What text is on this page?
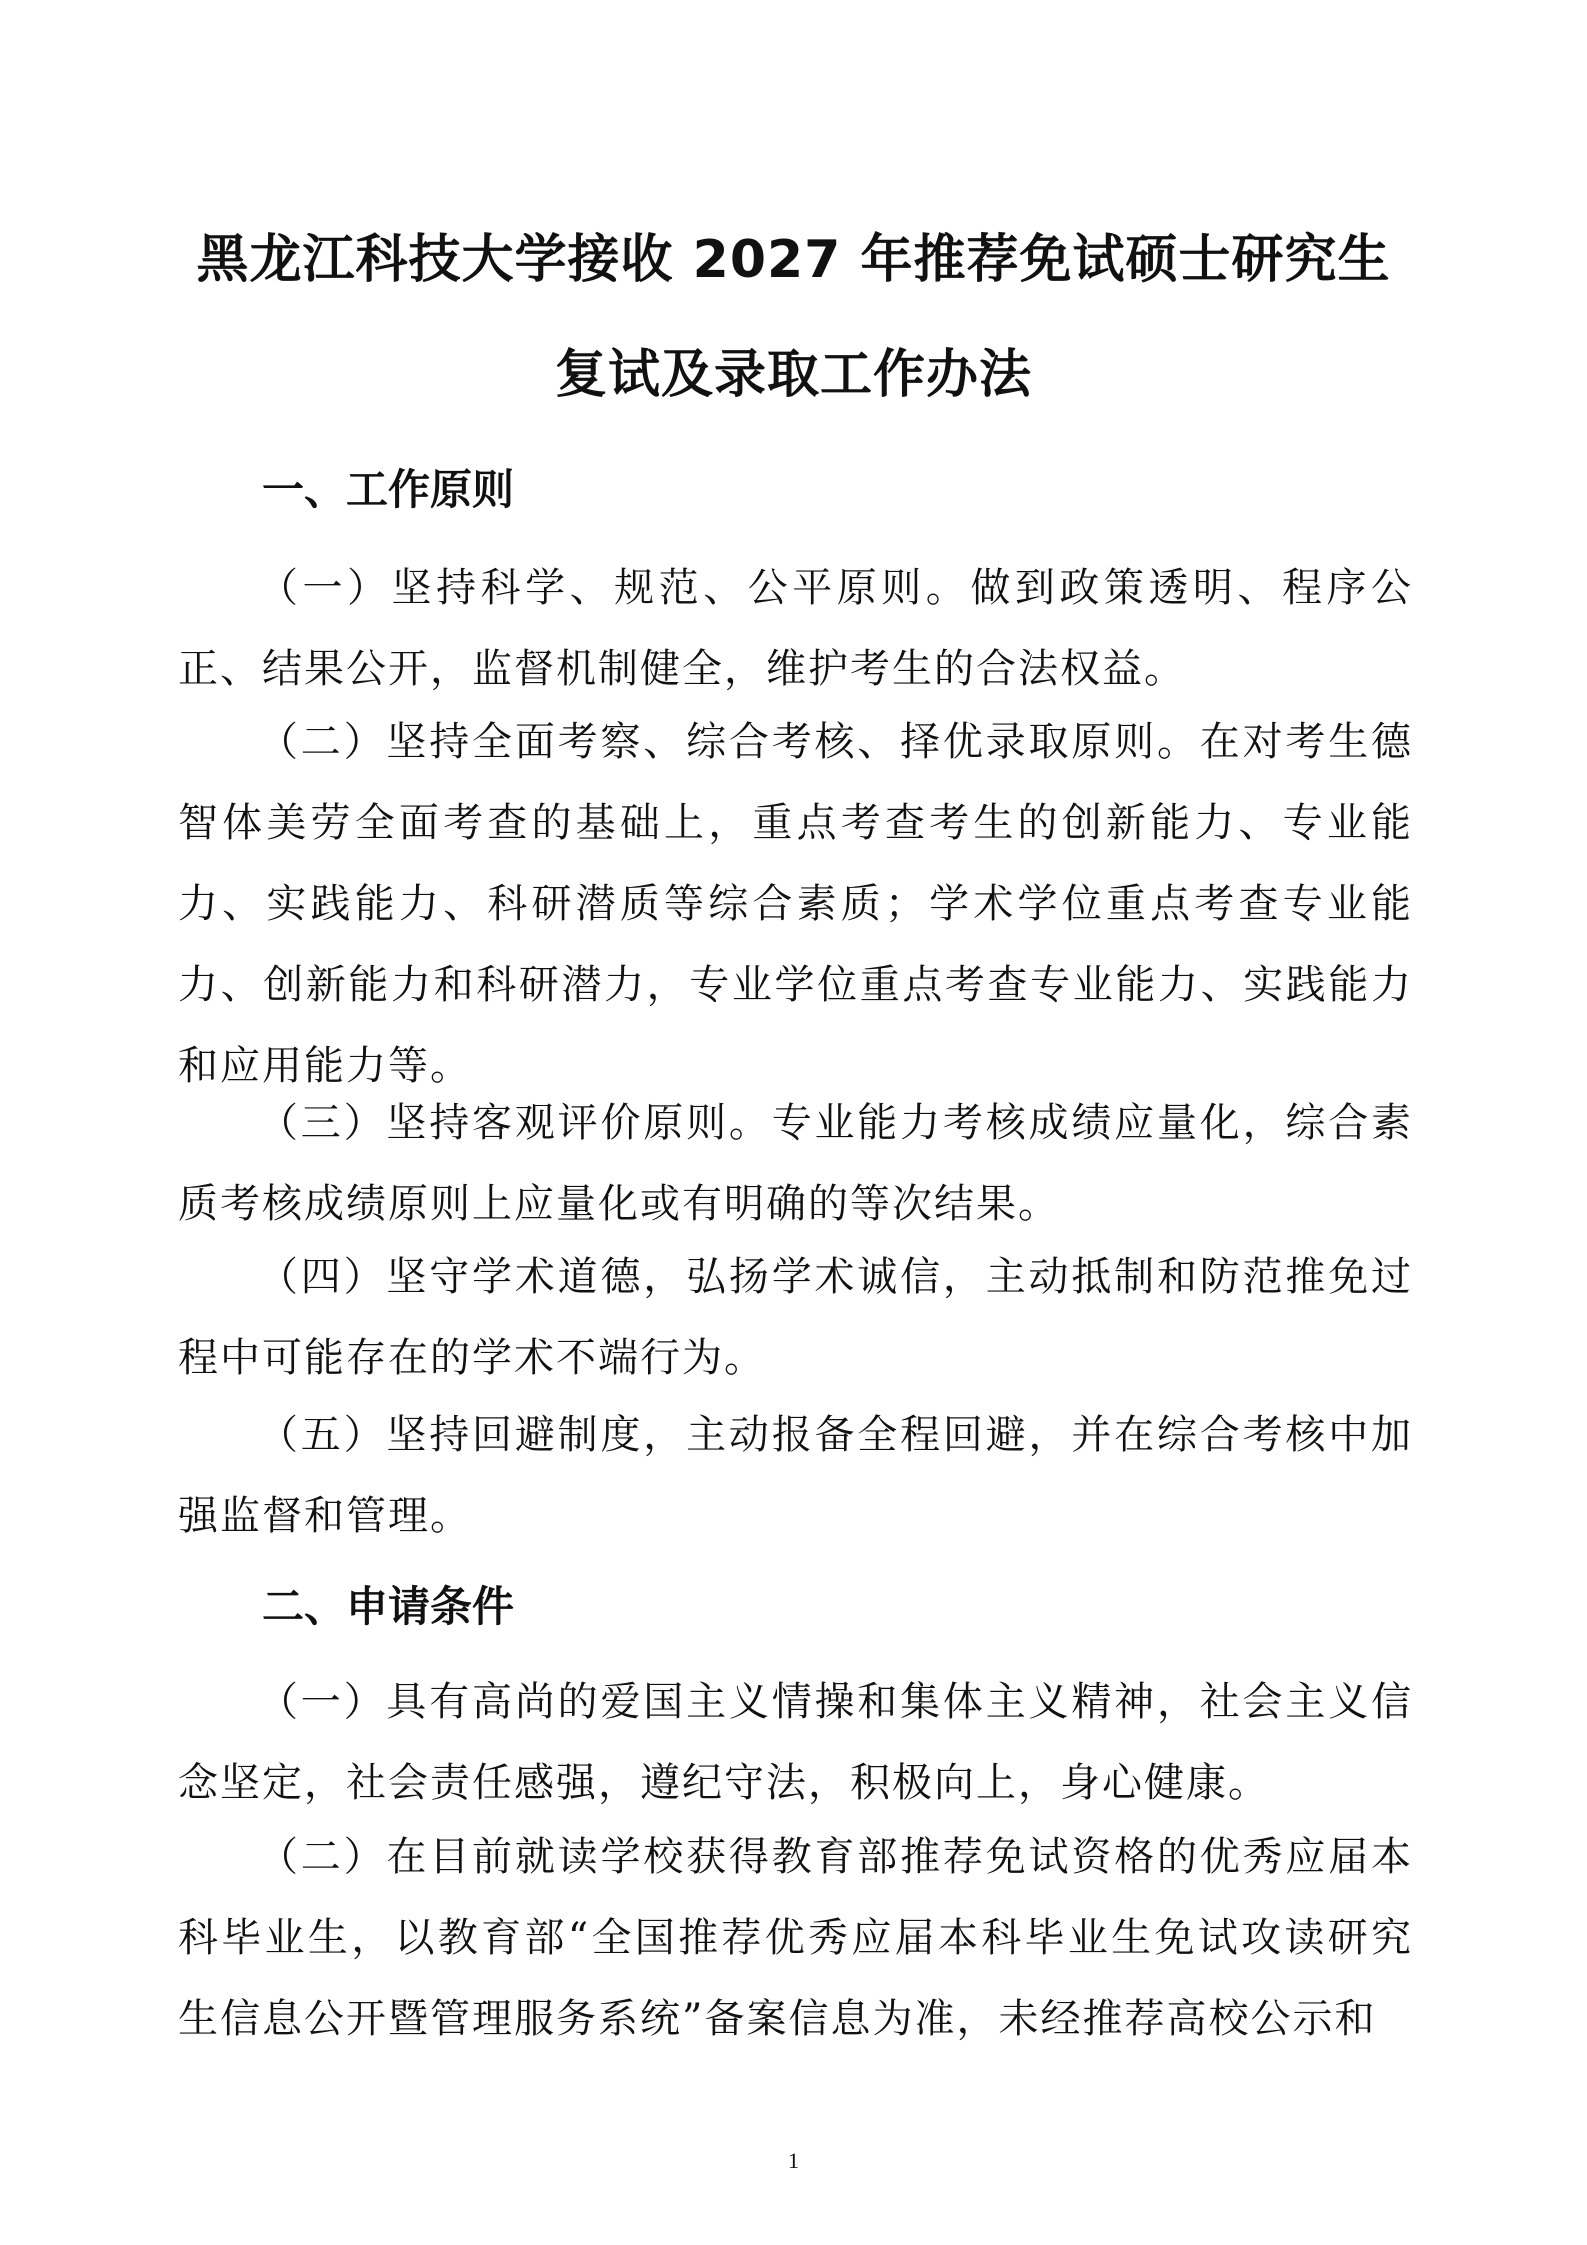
黑龙江科技大学接收 2027 年推荐免试硕士研究生
复试及录取工作办法
一、工作原则
（一）坚持科学、规范、公平原则。做到政策透明、程序公正、结果公开，监督机制健全，维护考生的合法权益。
（二）坚持全面考察、综合考核、择优录取原则。在对考生德智体美劳全面考查的基础上，重点考查考生的创新能力、专业能力、实践能力、科研潜质等综合素质；学术学位重点考查专业能力、创新能力和科研潜力，专业学位重点考查专业能力、实践能力和应用能力等。
（三）坚持客观评价原则。专业能力考核成绩应量化，综合素质考核成绩原则上应量化或有明确的等次结果。
（四）坚守学术道德，弘扬学术诚信，主动抵制和防范推免过程中可能存在的学术不端行为。
（五）坚持回避制度，主动报备全程回避，并在综合考核中加强监督和管理。
二、申请条件
（一）具有高尚的爱国主义情操和集体主义精神，社会主义信念坚定，社会责任感强，遵纪守法，积极向上，身心健康。
（二）在目前就读学校获得教育部推荐免试资格的优秀应届本科毕业生，以教育部“全国推荐优秀应届本科毕业生免试攻读研究生信息公开暨管理服务系统”备案信息为准，未经推荐高校公示和
1
